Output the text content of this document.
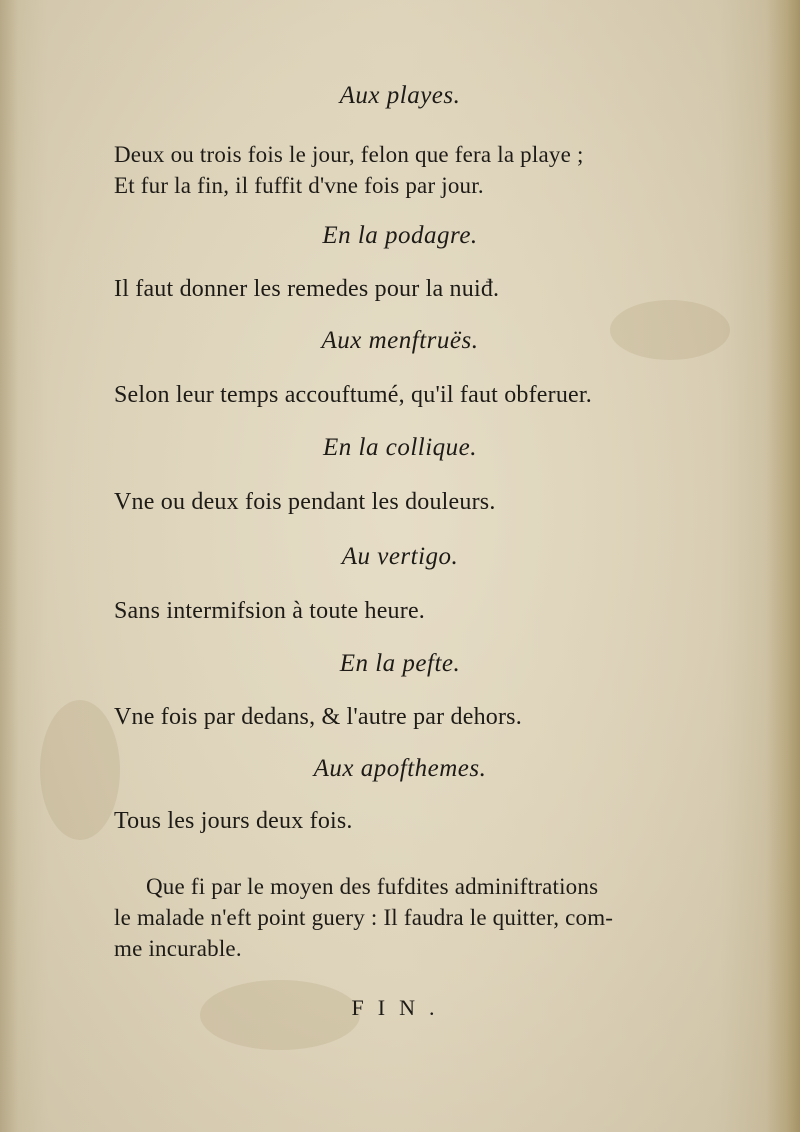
Aux playes.
Deux ou trois fois le jour, felon que fera la playe ;
Et fur la fin, il fuffit d'vne fois par jour.
En la podagre.
Il faut donner les remedes pour la nuiđ.
Aux menftruës.
Selon leur temps accouftumé, qu'il faut obferuer.
En la collique.
Vne ou deux fois pendant les douleurs.
Au vertigo.
Sans intermifsion à toute heure.
En la pefte.
Vne fois par dedans, & l'autre par dehors.
Aux apofthemes.
Tous les jours deux fois.
Que fi par le moyen des fufdites adminiftrations
le malade n'eft point guery : Il faudra le quitter, com-
me incurable.
FIN.
